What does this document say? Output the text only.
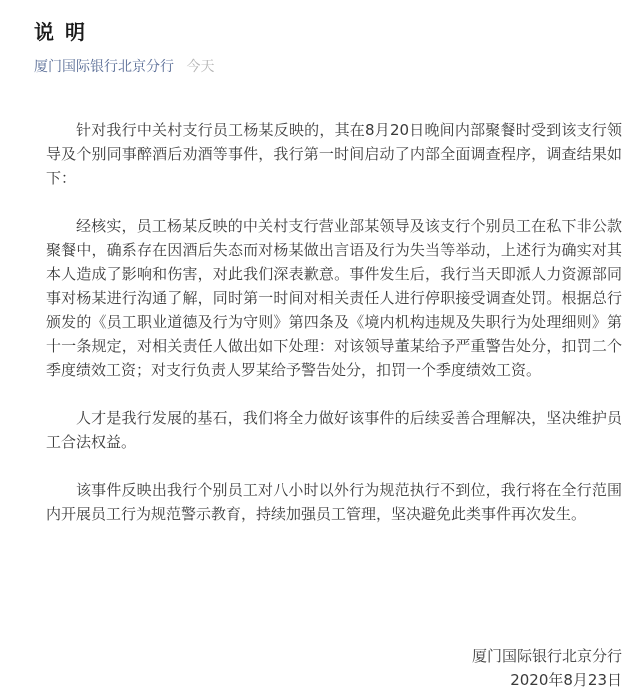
说 明
厦门国际银行北京分行 今天

针对我行中关村支行员工杨某反映的，其在8月20日晚间内部聚餐时受到该支行领导及个别同事醉酒后劝酒等事件，我行第一时间启动了内部全面调查程序，调查结果如下：

经核实，员工杨某反映的中关村支行营业部某领导及该支行个别员工在私下非公款聚餐中，确系存在因酒后失态而对杨某做出言语及行为失当等举动，上述行为确实对其本人造成了影响和伤害，对此我们深表歉意。事件发生后，我行当天即派人力资源部同事对杨某进行沟通了解，同时第一时间对相关责任人进行停职接受调查处罚。根据总行颁发的《员工职业道德及行为守则》第四条及《境内机构违规及失职行为处理细则》第十一条规定，对相关责任人做出如下处理：对该领导董某给予严重警告处分，扣罚二个季度绩效工资；对支行负责人罗某给予警告处分，扣罚一个季度绩效工资。

人才是我行发展的基石，我们将全力做好该事件的后续妥善合理解决，坚决维护员工合法权益。

该事件反映出我行个别员工对八小时以外行为规范执行不到位，我行将在全行范围内开展员工行为规范警示教育，持续加强员工管理，坚决避免此类事件再次发生。

厦门国际银行北京分行
2020年8月23日
